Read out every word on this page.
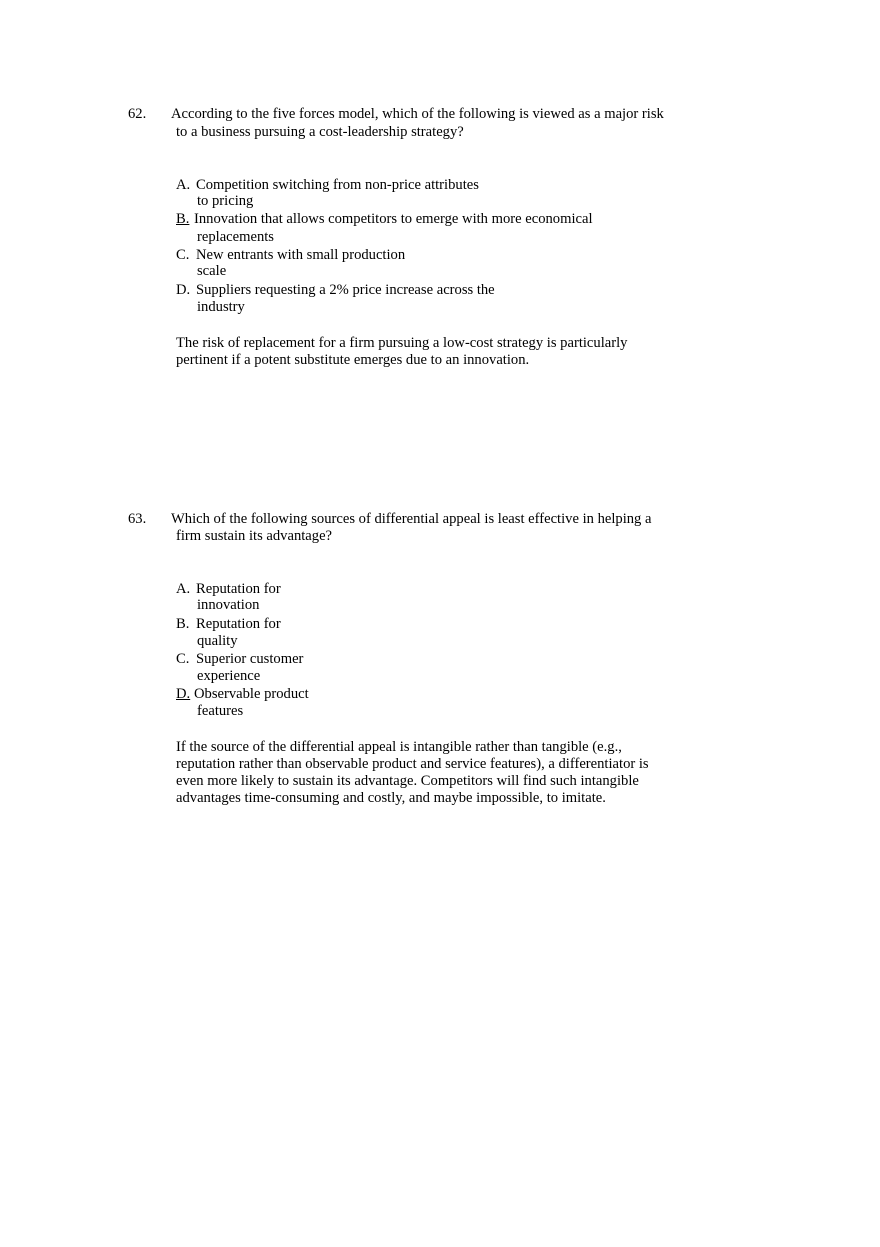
62. According to the five forces model, which of the following is viewed as a major risk
to a business pursuing a cost-leadership strategy?
A. Competition switching from non-price attributes
to pricing
B. Innovation that allows competitors to emerge with more economical
replacements
C. New entrants with small production
scale
D. Suppliers requesting a 2% price increase across the
industry
The risk of replacement for a firm pursuing a low-cost strategy is particularly
pertinent if a potent substitute emerges due to an innovation.
63. Which of the following sources of differential appeal is least effective in helping a
firm sustain its advantage?
A. Reputation for
innovation
B. Reputation for
quality
C. Superior customer
experience
D. Observable product
features
If the source of the differential appeal is intangible rather than tangible (e.g.,
reputation rather than observable product and service features), a differentiator is
even more likely to sustain its advantage. Competitors will find such intangible
advantages time-consuming and costly, and maybe impossible, to imitate.
